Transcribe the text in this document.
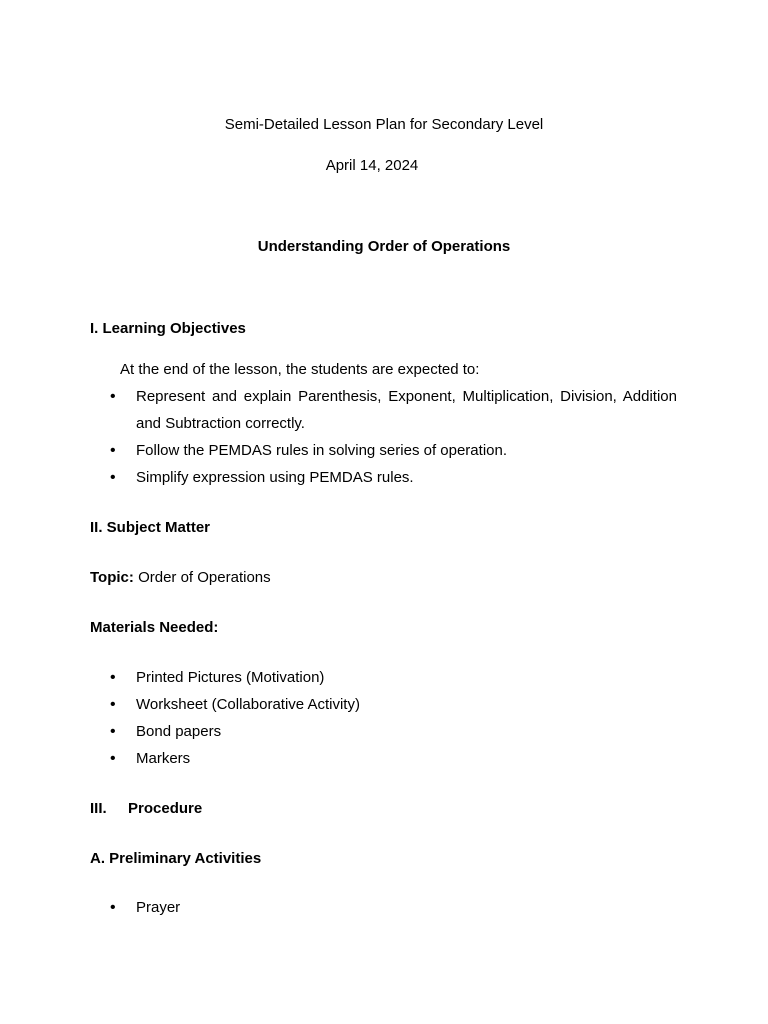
Semi-Detailed Lesson Plan for Secondary Level
April 14, 2024
Understanding Order of Operations
I. Learning Objectives
At the end of the lesson, the students are expected to:
• Represent and explain Parenthesis, Exponent, Multiplication, Division, Addition and Subtraction correctly.
• Follow the PEMDAS rules in solving series of operation.
• Simplify expression using PEMDAS rules.
II. Subject Matter
Topic: Order of Operations
Materials Needed:
• Printed Pictures (Motivation)
• Worksheet (Collaborative Activity)
• Bond papers
• Markers
III. Procedure
A. Preliminary Activities
• Prayer
